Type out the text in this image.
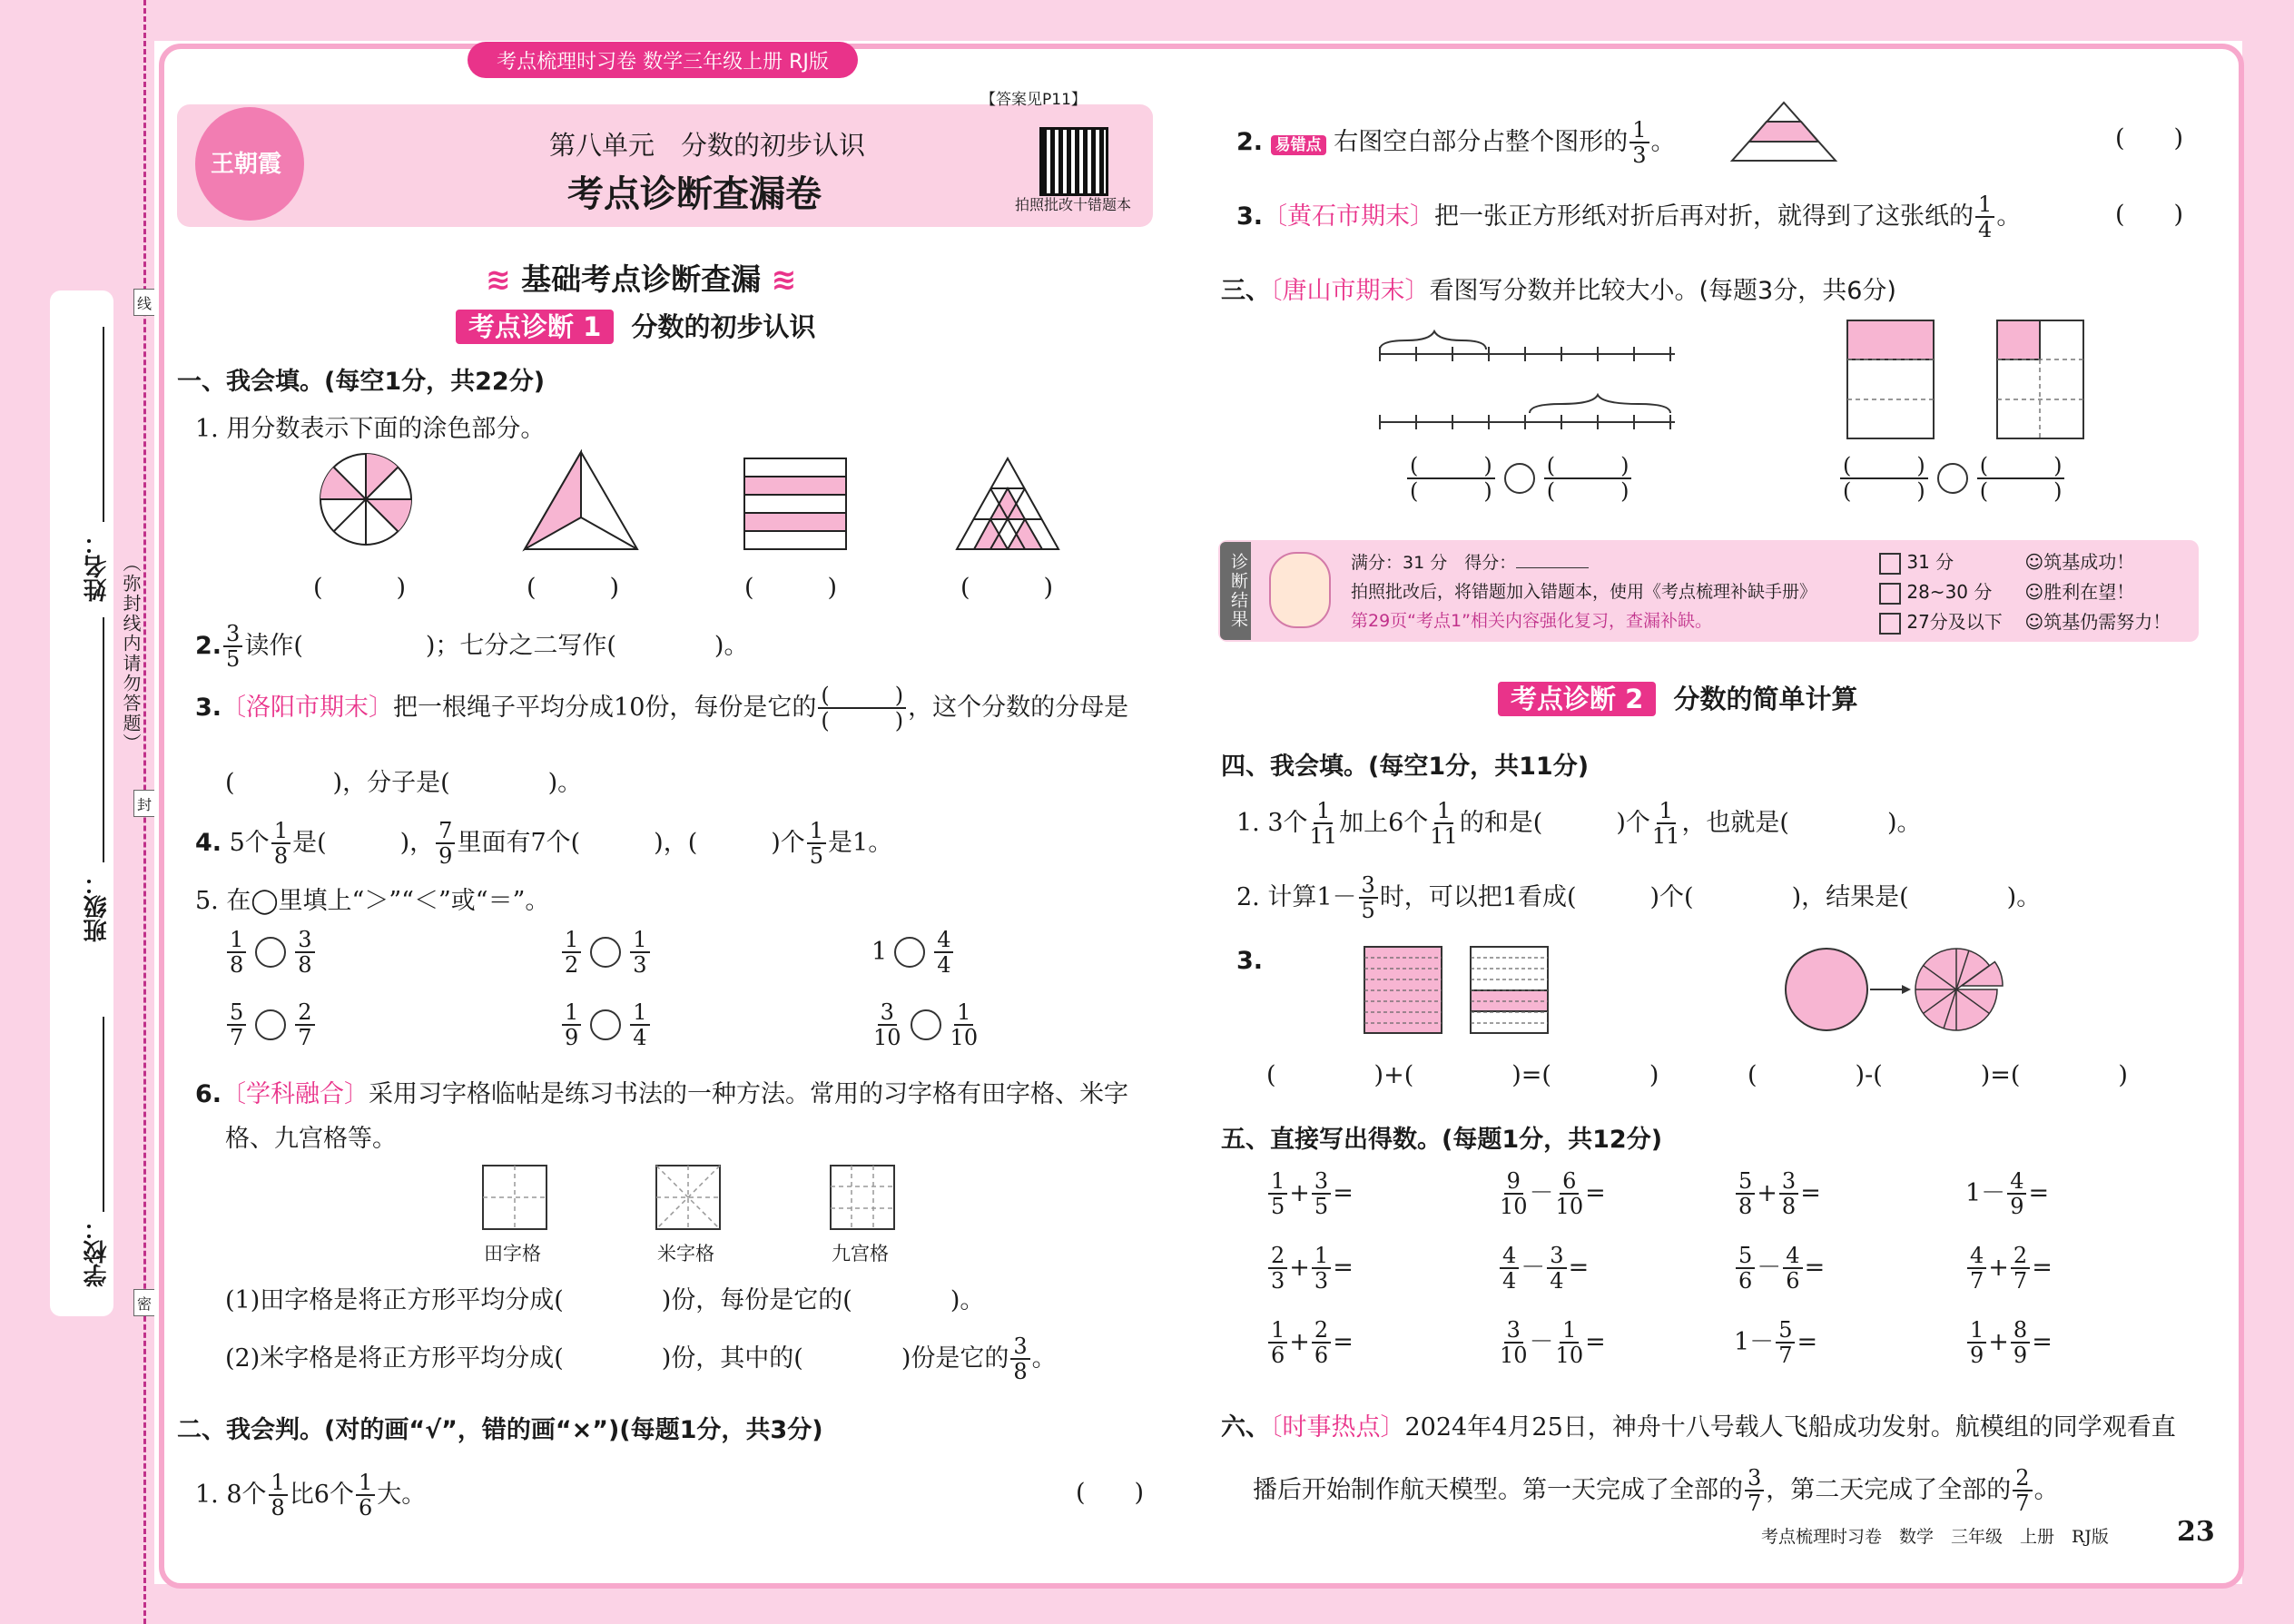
姓名：
班级：
学校：
线
封
密
（弥封线内请勿答题）
考点梳理时习卷 数学三年级上册 RJ版
王朝霞
【答案见P11】
第八单元　分数的初步认识
考点诊断查漏卷	拍照批改十错题本
≋ 基础考点诊断查漏 ≋
考点诊断 1 分数的初步认识
一、我会填。(每空1分，共22分)
1. 用分数表示下面的涂色部分。
(　　　)	(　　　)	(　　　)	(　　　)
2. $\frac{3}{5}$ 读作(　　　　　)；七分之二写作(　　　　)。
3.〔洛阳市期末〕把一根绳子平均分成10份，每份是它的 $\frac{( )}{( )}$ ，这个分数的分母是
(　　　　)，分子是(　　　　)。
4. 5个 $\frac{1}{8}$ 是(　　　)， $\frac{7}{9}$ 里面有7个(　　　)，(　　　)个 $\frac{1}{5}$ 是1。
5. 在◯里填上“＞”“＜”或“＝”。
$\frac{1}{8} \frac{3}{8}$	$\frac{1}{2} \frac{1}{3}$	$1 \frac{4}{4}$
$\frac{5}{7} \frac{2}{7}$	$\frac{1}{9} \frac{1}{4}$	$\frac{3}{10} \frac{1}{10}$
6.〔学科融合〕采用习字格临帖是练习书法的一种方法。常用的习字格有田字格、米字
格、九宫格等。
田字格	米字格	九宫格
(1)田字格是将正方形平均分成(　　　　)份，每份是它的(　　　　)。
(2)米字格是将正方形平均分成(　　　　)份，其中的(　　　　)份是它的 $\frac{3}{8}$ 。
二、我会判。(对的画“√”，错的画“×”)(每题1分，共3分)
1. 8个 $\frac{1}{8}$ 比6个 $\frac{1}{6}$ 大。	(　　)
2. 易错点 右图空白部分占整个图形的 $\frac{1}{3}$ 。	(　　)
3.〔黄石市期末〕把一张正方形纸对折后再对折，就得到了这张纸的 $\frac{1}{4}$ 。	(　　)
三、〔唐山市期末〕看图写分数并比较大小。(每题3分，共6分)
$\frac{( )}{( )} \frac{( )}{( )}$	$\frac{( )}{( )} \frac{( )}{( )}$
诊断结果	满分：31 分　 得分：
拍照批改后，将错题加入错题本，使用《考点梳理补缺手册》
第29页“考点1”相关内容强化复习，查漏补缺。
31 分	☺筑基成功！
28~30 分 ☺胜利在望！
27分及以下 ☺筑基仍需努力！
考点诊断 2 分数的简单计算
四、我会填。(每空1分，共11分)
1. 3个 $\frac{1}{11}$ 加上6个 $\frac{1}{11}$ 的和是(　　　)个 $\frac{1}{11}$ ，也就是(　　　　)。
2. 计算$1- \frac{3}{5}$ 时，可以把1看成(　　　)个(　　　　)，结果是(　　　　)。
3.
(　　　　)+(　　　　)=(　　　　)	(　　　　)-(　　　　)=(　　　　)
五、直接写出得数。(每题1分，共12分)
$\frac{1}{5} + \frac{3}{5}$ =	$\frac{9}{10} - \frac{6}{10}$ =	$\frac{5}{8} + \frac{3}{8}$ =	$1- \frac{4}{9}$ =
$\frac{2}{3} + \frac{1}{3}$ =	$\frac{4}{4} - \frac{3}{4}$ =	$\frac{5}{6} - \frac{4}{6}$ =	$\frac{4}{7} + \frac{2}{7}$ =
$\frac{1}{6} + \frac{2}{6}$ =	$\frac{3}{10} - \frac{1}{10}$ =	$1- \frac{5}{7}$ =	$\frac{1}{9} + \frac{8}{9}$ =
六、〔时事热点〕2024年4月25日，神舟十八号载人飞船成功发射。航模组的同学观看直
播后开始制作航天模型。第一天完成了全部的 $\frac{3}{7}$ ，第二天完成了全部的 $\frac{2}{7}$ 。
考点梳理时习卷　数学　三年级　上册　RJ版	23
